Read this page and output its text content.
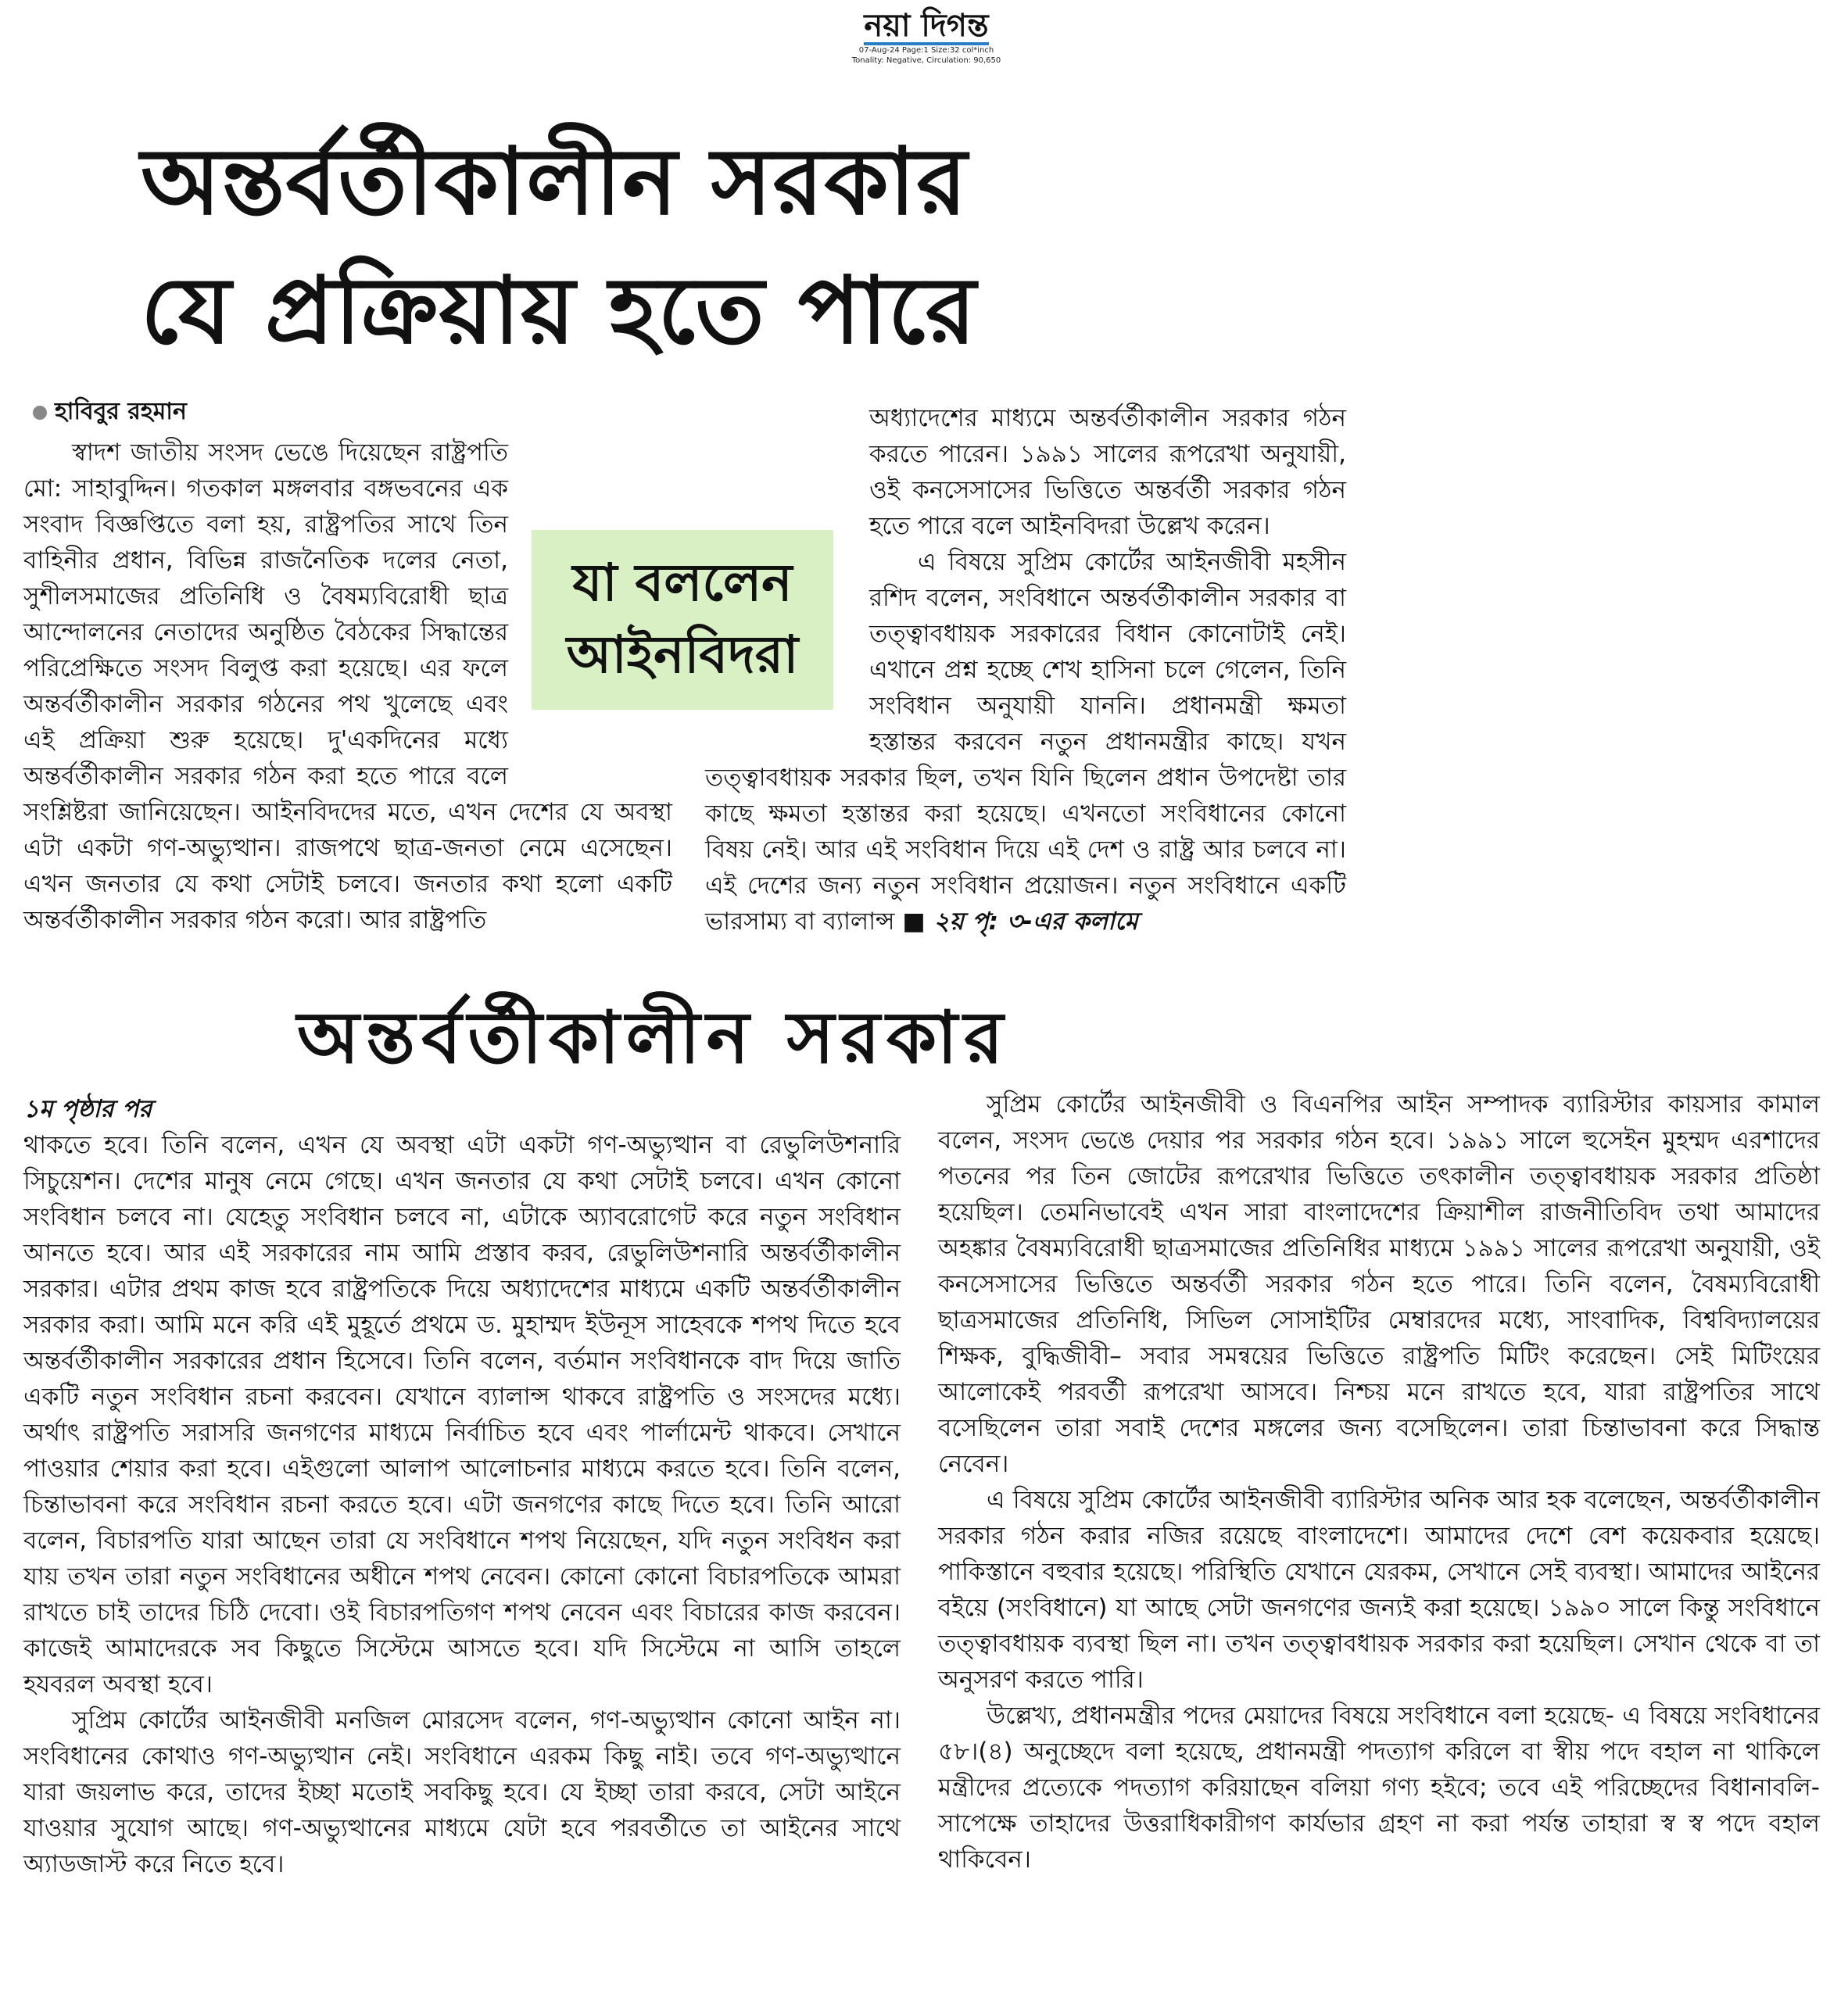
নয়া দিগন্ত
07-Aug-24 Page:1 Size:32 col*inch
Tonality: Negative, Circulation: 90,650
অন্তর্বর্তীকালীন সরকার
যে প্রক্রিয়ায় হতে পারে
হাবিবুর রহমান

স্বাদশ জাতীয় সংসদ ভেঙে দিয়েছেন রাষ্ট্রপতি মো: সাহাবুদ্দিন। গতকাল মঙ্গলবার বঙ্গভবনের এক সংবাদ বিজ্ঞপ্তিতে বলা হয়, রাষ্ট্রপতির সাথে তিন বাহিনীর প্রধান, বিভিন্ন রাজনৈতিক দলের নেতা, সুশীলসমাজের প্রতিনিধি ও বৈষম্যবিরোধী ছাত্র আন্দোলনের নেতাদের অনুষ্ঠিত বৈঠকের সিদ্ধান্তের পরিপ্রেক্ষিতে সংসদ বিলুপ্ত করা হয়েছে। এর ফলে অন্তর্বর্তীকালীন সরকার গঠনের পথ খুলেছে এবং এই প্রক্রিয়া শুরু হয়েছে। দু'একদিনের মধ্যে অন্তর্বর্তীকালীন সরকার গঠন করা হতে পারে বলে সংশ্লিষ্টরা জানিয়েছেন। আইনবিদদের মতে, এখন দেশের যে অবস্থা এটা একটা গণ-অভ্যুত্থান। রাজপথে ছাত্র-জনতা নেমে এসেছেন। এখন জনতার যে কথা সেটাই চলবে। জনতার কথা হলো একটি অন্তর্বর্তীকালীন সরকার গঠন করো। আর রাষ্ট্রপতি

যা বললেন
আইনবিদরা

অধ্যাদেশের মাধ্যমে অন্তর্বর্তীকালীন সরকার গঠন করতে পারেন। ১৯৯১ সালের রূপরেখা অনুযায়ী, ওই কনসেসাসের ভিত্তিতে অন্তর্বর্তী সরকার গঠন হতে পারে বলে আইনবিদরা উল্লেখ করেন।

এ বিষয়ে সুপ্রিম কোর্টের আইনজীবী মহসীন রশিদ বলেন, সংবিধানে অন্তর্বর্তীকালীন সরকার বা তত্ত্বাবধায়ক সরকারের বিধান কোনোটাই নেই। এখানে প্রশ্ন হচ্ছে শেখ হাসিনা চলে গেলেন, তিনি সংবিধান অনুযায়ী যাননি। প্রধানমন্ত্রী ক্ষমতা হস্তান্তর করবেন নতুন প্রধানমন্ত্রীর কাছে। যখন তত্ত্বাবধায়ক সরকার ছিল, তখন যিনি ছিলেন প্রধান উপদেষ্টা তার কাছে ক্ষমতা হস্তান্তর করা হয়েছে। এখনতো সংবিধানের কোনো বিষয় নেই। আর এই সংবিধান দিয়ে এই দেশ ও রাষ্ট্র আর চলবে না। এই দেশের জন্য নতুন সংবিধান প্রয়োজন। নতুন সংবিধানে একটি ভারসাম্য বা ব্যালান্স ■ ২য় পৃ: ৩-এর কলামে

অন্তর্বর্তীকালীন সরকার
১ম পৃষ্ঠার পর

থাকতে হবে। তিনি বলেন, এখন যে অবস্থা এটা একটা গণ-অভ্যুত্থান বা রেভুলিউশনারি সিচুয়েশন। দেশের মানুষ নেমে গেছে। এখন জনতার যে কথা সেটাই চলবে। এখন কোনো সংবিধান চলবে না। যেহেতু সংবিধান চলবে না, এটাকে অ্যাবরোগেট করে নতুন সংবিধান আনতে হবে। আর এই সরকারের নাম আমি প্রস্তাব করব, রেভুলিউশনারি অন্তর্বর্তীকালীন সরকার। এটার প্রথম কাজ হবে রাষ্ট্রপতিকে দিয়ে অধ্যাদেশের মাধ্যমে একটি অন্তর্বর্তীকালীন সরকার করা। আমি মনে করি এই মুহূর্তে প্রথমে ড. মুহাম্মদ ইউনূস সাহেবকে শপথ দিতে হবে অন্তর্বর্তীকালীন সরকারের প্রধান হিসেবে। তিনি বলেন, বর্তমান সংবিধানকে বাদ দিয়ে জাতি একটি নতুন সংবিধান রচনা করবেন। যেখানে ব্যালান্স থাকবে রাষ্ট্রপতি ও সংসদের মধ্যে। অর্থাৎ রাষ্ট্রপতি সরাসরি জনগণের মাধ্যমে নির্বাচিত হবে এবং পার্লামেন্ট থাকবে। সেখানে পাওয়ার শেয়ার করা হবে। এইগুলো আলাপ আলোচনার মাধ্যমে করতে হবে। তিনি বলেন, চিন্তাভাবনা করে সংবিধান রচনা করতে হবে। এটা জনগণের কাছে দিতে হবে। তিনি আরো বলেন, বিচারপতি যারা আছেন তারা যে সংবিধানে শপথ নিয়েছেন, যদি নতুন সংবিধন করা যায় তখন তারা নতুন সংবিধানের অধীনে শপথ নেবেন। কোনো কোনো বিচারপতিকে আমরা রাখতে চাই তাদের চিঠি দেবো। ওই বিচারপতিগণ শপথ নেবেন এবং বিচারের কাজ করবেন। কাজেই আমাদেরকে সব কিছুতে সিস্টেমে আসতে হবে। যদি সিস্টেমে না আসি তাহলে হযবরল অবস্থা হবে।

সুপ্রিম কোর্টের আইনজীবী মনজিল মোরসেদ বলেন, গণ-অভ্যুত্থান কোনো আইন না। সংবিধানের কোথাও গণ-অভ্যুত্থান নেই। সংবিধানে এরকম কিছু নাই। তবে গণ-অভ্যুত্থানে যারা জয়লাভ করে, তাদের ইচ্ছা মতোই সবকিছু হবে। যে ইচ্ছা তারা করবে, সেটা আইনে যাওয়ার সুযোগ আছে। গণ-অভ্যুত্থানের মাধ্যমে যেটা হবে পরবর্তীতে তা আইনের সাথে অ্যাডজাস্ট করে নিতে হবে।

সুপ্রিম কোর্টের আইনজীবী ও বিএনপির আইন সম্পাদক ব্যারিস্টার কায়সার কামাল বলেন, সংসদ ভেঙে দেয়ার পর সরকার গঠন হবে। ১৯৯১ সালে হুসেইন মুহম্মদ এরশাদের পতনের পর তিন জোটের রূপরেখার ভিত্তিতে তৎকালীন তত্ত্বাবধায়ক সরকার প্রতিষ্ঠা হয়েছিল। তেমনিভাবেই এখন সারা বাংলাদেশের ক্রিয়াশীল রাজনীতিবিদ তথা আমাদের অহঙ্কার বৈষম্যবিরোধী ছাত্রসমাজের প্রতিনিধির মাধ্যমে ১৯৯১ সালের রূপরেখা অনুযায়ী, ওই কনসেসাসের ভিত্তিতে অন্তর্বর্তী সরকার গঠন হতে পারে। তিনি বলেন, বৈষম্যবিরোধী ছাত্রসমাজের প্রতিনিধি, সিভিল সোসাইটির মেম্বারদের মধ্যে, সাংবাদিক, বিশ্ববিদ্যালয়ের শিক্ষক, বুদ্ধিজীবী– সবার সমন্বয়ের ভিত্তিতে রাষ্ট্রপতি মিটিং করেছেন। সেই মিটিংয়ের আলোকেই পরবর্তী রূপরেখা আসবে। নিশ্চয় মনে রাখতে হবে, যারা রাষ্ট্রপতির সাথে বসেছিলেন তারা সবাই দেশের মঙ্গলের জন্য বসেছিলেন। তারা চিন্তাভাবনা করে সিদ্ধান্ত নেবেন।

এ বিষয়ে সুপ্রিম কোর্টের আইনজীবী ব্যারিস্টার অনিক আর হক বলেছেন, অন্তর্বর্তীকালীন সরকার গঠন করার নজির রয়েছে বাংলাদেশে। আমাদের দেশে বেশ কয়েকবার হয়েছে। পাকিস্তানে বহুবার হয়েছে। পরিস্থিতি যেখানে যেরকম, সেখানে সেই ব্যবস্থা। আমাদের আইনের বইয়ে (সংবিধানে) যা আছে সেটা জনগণের জন্যই করা হয়েছে। ১৯৯০ সালে কিন্তু সংবিধানে তত্ত্বাবধায়ক ব্যবস্থা ছিল না। তখন তত্ত্বাবধায়ক সরকার করা হয়েছিল। সেখান থেকে বা তা অনুসরণ করতে পারি।

উল্লেখ্য, প্রধানমন্ত্রীর পদের মেয়াদের বিষয়ে সংবিধানে বলা হয়েছে- এ বিষয়ে সংবিধানের ৫৮।(৪) অনুচ্ছেদে বলা হয়েছে, প্রধানমন্ত্রী পদত্যাগ করিলে বা স্বীয় পদে বহাল না থাকিলে মন্ত্রীদের প্রত্যেকে পদত্যাগ করিয়াছেন বলিয়া গণ্য হইবে; তবে এই পরিচ্ছেদের বিধানাবলি-সাপেক্ষে তাহাদের উত্তরাধিকারীগণ কার্যভার গ্রহণ না করা পর্যন্ত তাহারা স্ব স্ব পদে বহাল থাকিবেন।
